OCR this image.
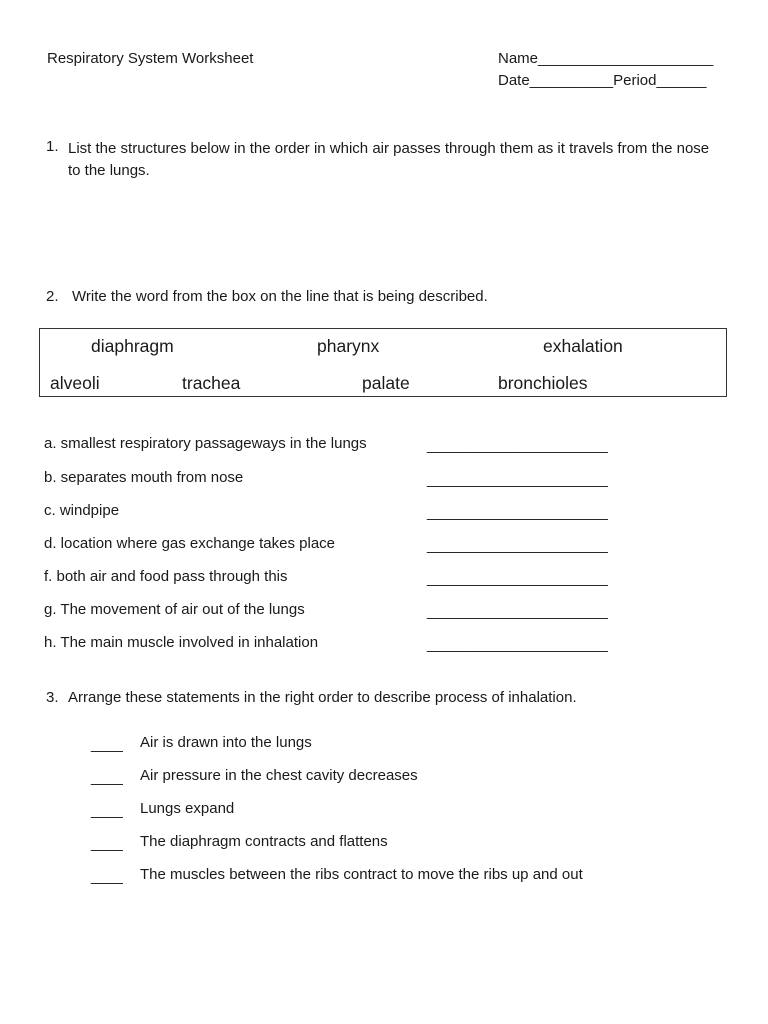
Respiratory System Worksheet	Name_____________________
Date__________Period______
1. List the structures below in the order in which air passes through them as it travels from the nose to the lungs.
2. Write the word from the box on the line that is being described.
diaphragm	pharynx	exhalation
alveoli	trachea	palate	bronchioles
a. smallest respiratory passageways in the lungs	_______________________
b. separates mouth from nose	_______________________
c. windpipe	_______________________
d. location where gas exchange takes place	_______________________
f. both air and food pass through this	_______________________
g. The movement of air out of the lungs	_______________________
h. The main muscle involved in inhalation	_______________________
3. Arrange these statements in the right order to describe process of inhalation.
____ Air is drawn into the lungs
____ Air pressure in the chest cavity decreases
____ Lungs expand
____ The diaphragm contracts and flattens
____ The muscles between the ribs contract to move the ribs up and out
